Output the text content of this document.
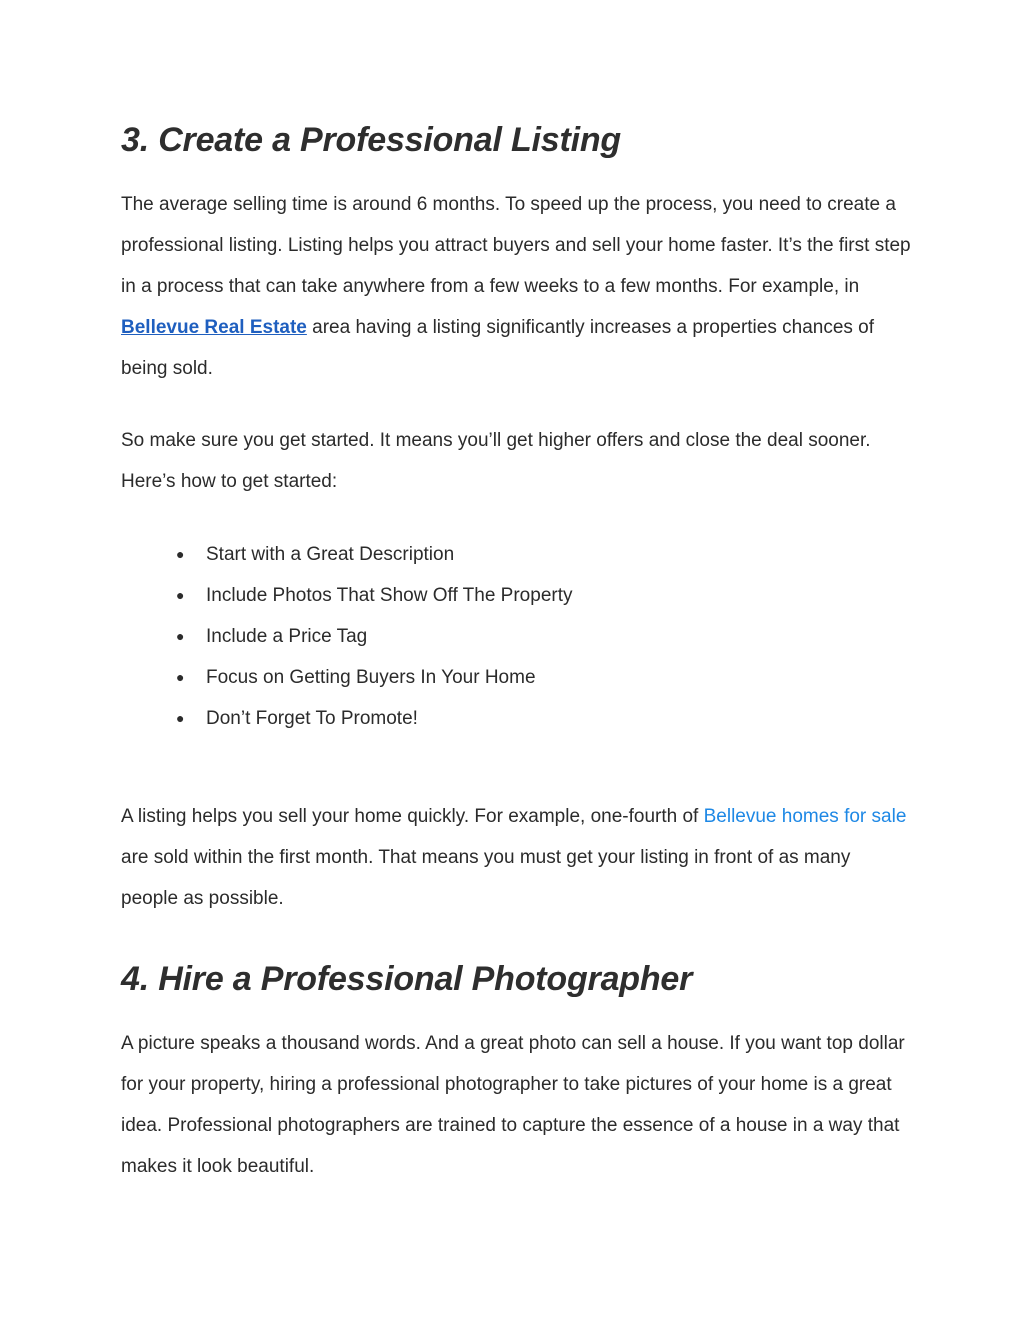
3. Create a Professional Listing

The average selling time is around 6 months. To speed up the process, you need to create a professional listing. Listing helps you attract buyers and sell your home faster. It’s the first step in a process that can take anywhere from a few weeks to a few months. For example, in Bellevue Real Estate area having a listing significantly increases a properties chances of being sold.

So make sure you get started. It means you’ll get higher offers and close the deal sooner. Here’s how to get started:

● Start with a Great Description
● Include Photos That Show Off The Property
● Include a Price Tag
● Focus on Getting Buyers In Your Home
● Don’t Forget To Promote!

A listing helps you sell your home quickly. For example, one-fourth of Bellevue homes for sale are sold within the first month. That means you must get your listing in front of as many people as possible.

4. Hire a Professional Photographer

A picture speaks a thousand words. And a great photo can sell a house. If you want top dollar for your property, hiring a professional photographer to take pictures of your home is a great idea. Professional photographers are trained to capture the essence of a house in a way that makes it look beautiful.
